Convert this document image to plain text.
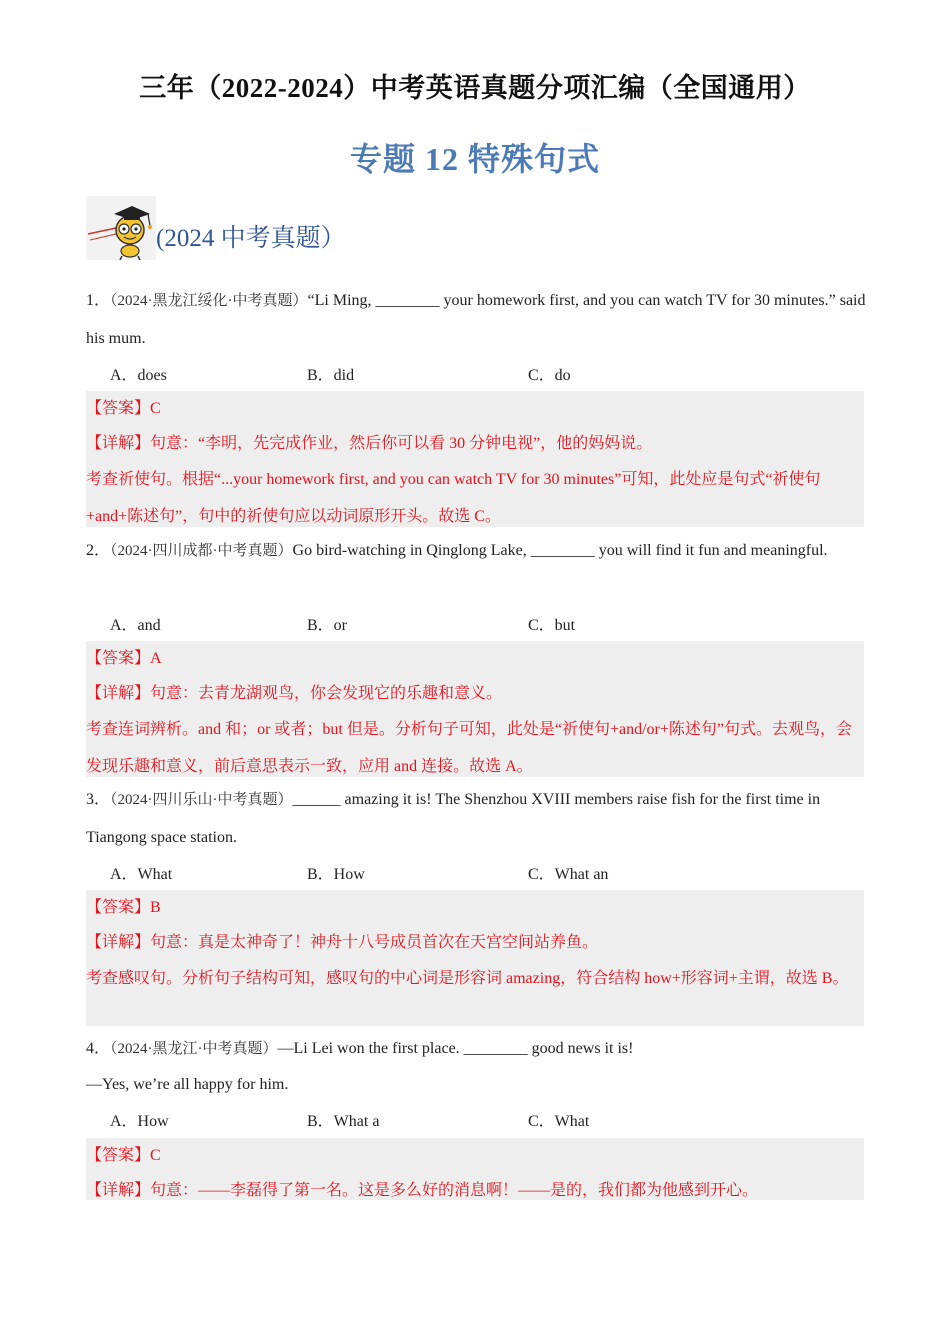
三年（2022-2024）中考英语真题分项汇编（全国通用）
专题 12 特殊句式
(2024 中考真题）
1．（2024·黑龙江绥化·中考真题）“Li Ming, ________ your homework first, and you can watch TV for 30 minutes.” said his mum.
A．does	B．did	C．do
【答案】C
【详解】句意：“李明，先完成作业，然后你可以看 30 分钟电视”，他的妈妈说。
考查祈使句。根据“...your homework first, and you can watch TV for 30 minutes”可知，此处应是句式“祈使句+and+陈述句”，句中的祈使句应以动词原形开头。故选 C。
2．（2024·四川成都·中考真题）Go bird-watching in Qinglong Lake, ________ you will find it fun and meaningful.
A．and	B．or	C．but
【答案】A
【详解】句意：去青龙湖观鸟，你会发现它的乐趣和意义。
考查连词辨析。and 和；or 或者；but 但是。分析句子可知，此处是“祈使句+and/or+陈述句”句式。去观鸟，会发现乐趣和意义，前后意思表示一致，应用 and 连接。故选 A。
3．（2024·四川乐山·中考真题）______ amazing it is! The Shenzhou XVIII members raise fish for the first time in Tiangong space station.
A．What	B．How	C．What an
【答案】B
【详解】句意：真是太神奇了！神舟十八号成员首次在天宫空间站养鱼。
考查感叹句。分析句子结构可知，感叹句的中心词是形容词 amazing，符合结构 how+形容词+主谓，故选 B。
4．（2024·黑龙江·中考真题）—Li Lei won the first place. ________ good news it is!
—Yes, we’re all happy for him.
A．How	B．What a	C．What
【答案】C
【详解】句意：——李磊得了第一名。这是多么好的消息啊！——是的，我们都为他感到开心。
